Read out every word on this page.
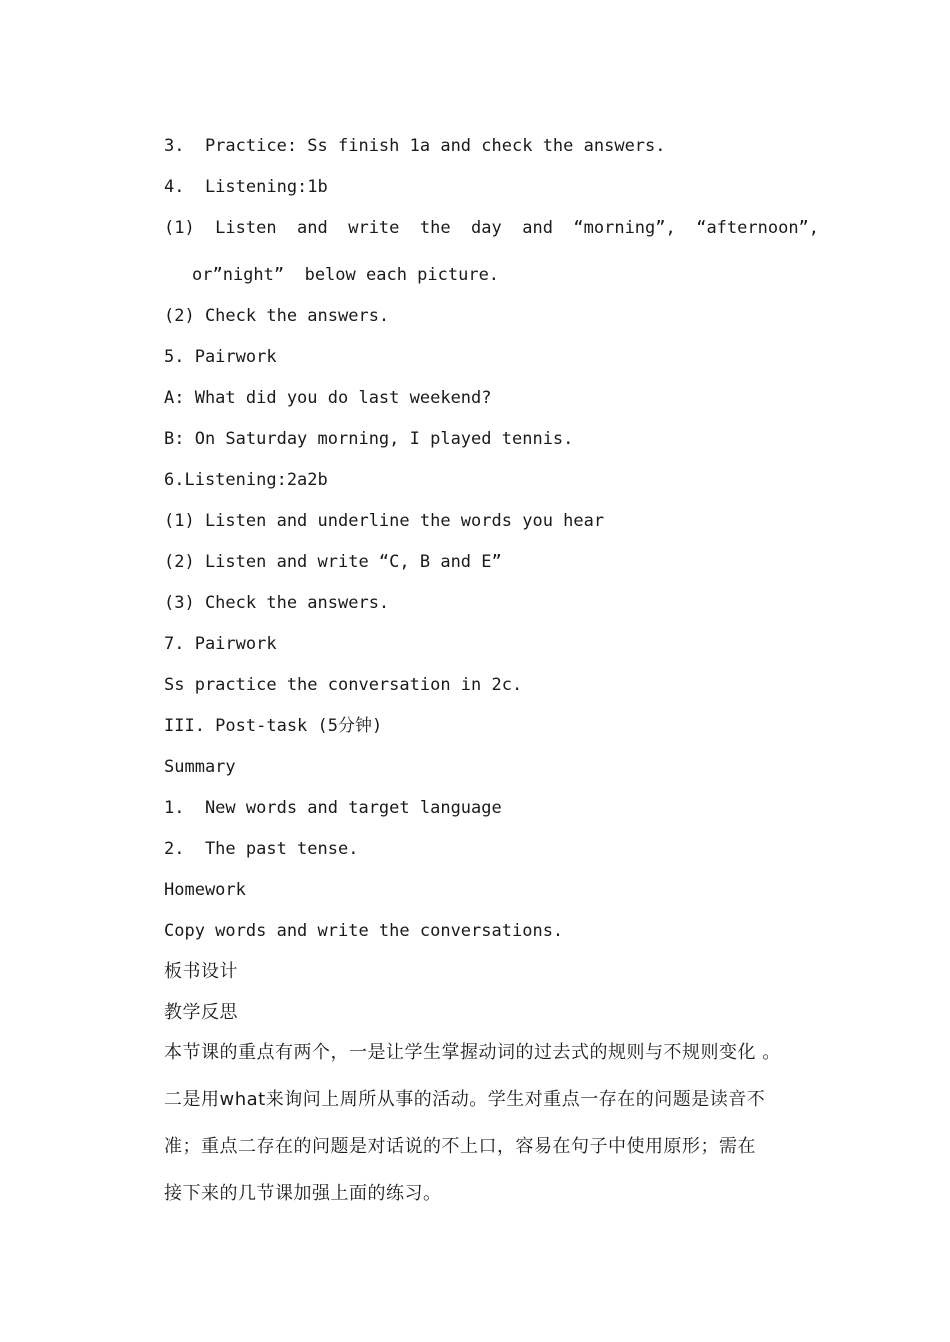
3.  Practice: Ss finish 1a and check the answers.

4.  Listening:1b

(1)  Listen  and  write  the  day  and  “morning”,  “afternoon”,

or”night”  below each picture.

(2) Check the answers.

5. Pairwork

A: What did you do last weekend?

B: On Saturday morning, I played tennis.

6.Listening:2a2b

(1) Listen and underline the words you hear

(2) Listen and write “C, B and E”

(3) Check the answers.

7. Pairwork

Ss practice the conversation in 2c.

III. Post-task (5分钟)

Summary

1.  New words and target language

2.  The past tense.

Homework

Copy words and write the conversations.

板书设计

教学反思

本节课的重点有两个，一是让学生掌握动词的过去式的规则与不规则变化 。

二是用what来询问上周所从事的活动。学生对重点一存在的问题是读音不

准；重点二存在的问题是对话说的不上口，容易在句子中使用原形；需在

接下来的几节课加强上面的练习。
